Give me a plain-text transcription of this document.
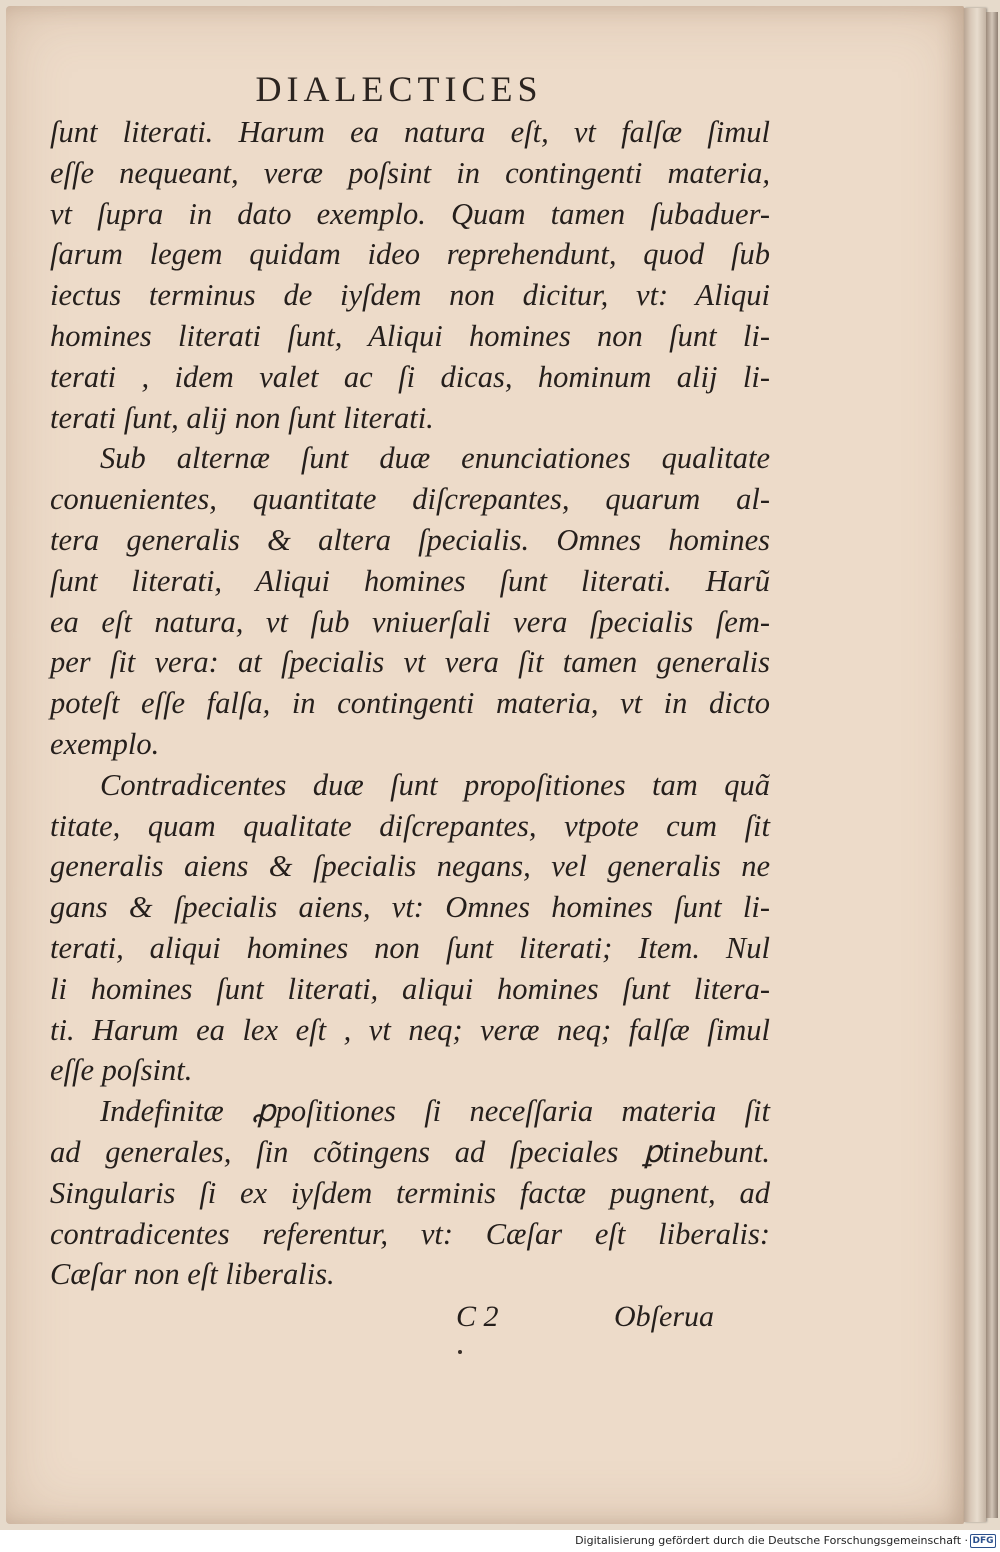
DIALECTICES
ſunt literati. Harum ea natura eſt, vt falſæ ſimul
eſſe nequeant, veræ poſsint in contingenti materia,
vt ſupra in dato exemplo. Quam tamen ſubaduer-
ſarum legem quidam ideo reprehendunt, quod ſub
iectus terminus de iyſdem non dicitur, vt: Aliqui
homines literati ſunt, Aliqui homines non ſunt li-
terati , idem valet ac ſi dicas, hominum alij li-
terati ſunt, alij non ſunt literati.
Sub alternæ ſunt duæ enunciationes qualitate
conuenientes, quantitate diſcrepantes, quarum al-
tera generalis & altera ſpecialis. Omnes homines
ſunt literati, Aliqui homines ſunt literati. Harũ
ea eſt natura, vt ſub vniuerſali vera ſpecialis ſem-
per ſit vera: at ſpecialis vt vera ſit tamen generalis
poteſt eſſe falſa, in contingenti materia, vt in dicto
exemplo.
Contradicentes duæ ſunt propoſitiones tam quã
titate, quam qualitate diſcrepantes, vtpote cum ſit
generalis aiens & ſpecialis negans, vel generalis ne
gans & ſpecialis aiens, vt: Omnes homines ſunt li-
terati, aliqui homines non ſunt literati; Item. Nul
li homines ſunt literati, aliqui homines ſunt litera-
ti. Harum ea lex eſt , vt neq; veræ neq; falſæ ſimul
eſſe poſsint.
Indefinitæ ꝓpoſitiones ſi neceſſaria materia ſit
ad generales, ſin cõtingens ad ſpeciales ꝑtinebunt.
Singularis ſi ex iyſdem terminis factæ pugnent, ad
contradicentes referentur, vt: Cæſar eſt liberalis:
Cæſar non eſt liberalis.
C 2	Obſerua
Digitalisierung gefördert durch die Deutsche Forschungsgemeinschaft · DFG
